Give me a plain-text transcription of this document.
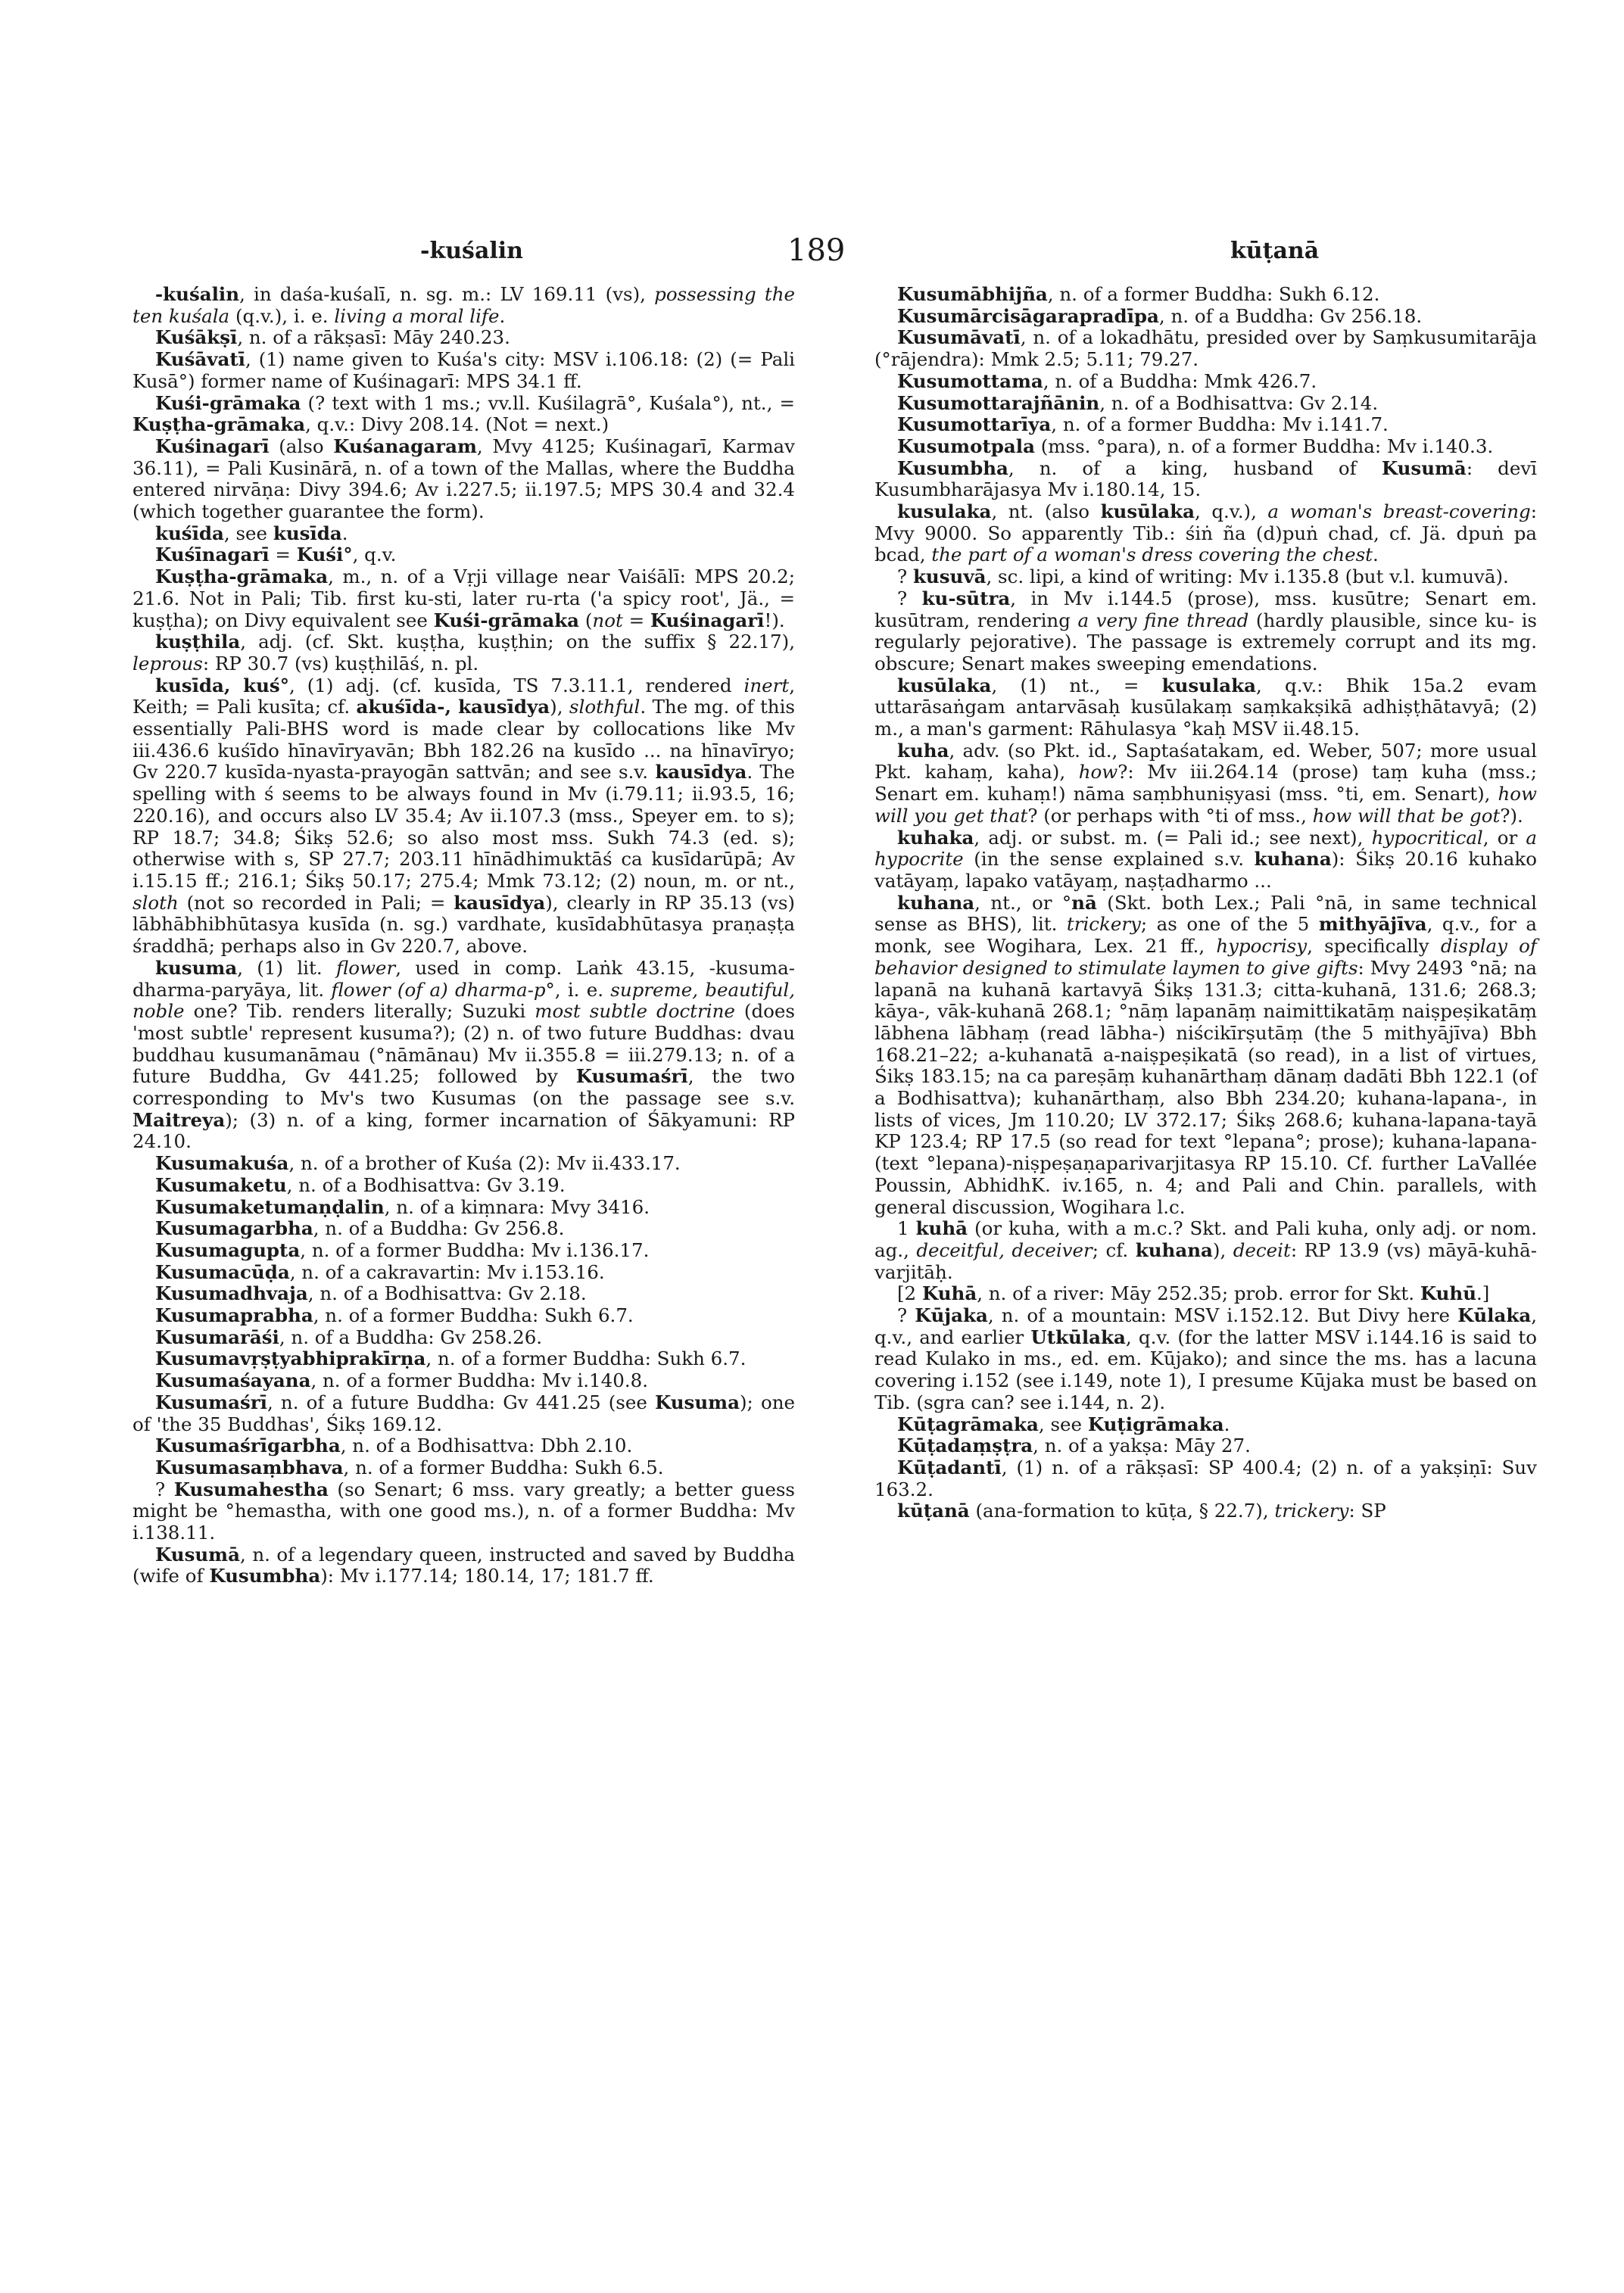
-kuśalin	189	kūṭanā

-kuśalin, in daśa-kuśalī, n. sg. m.: LV 169.11 (vs), possessing the ten kuśala (q.v.), i. e. living a moral life.

Kuśākṣī, n. of a rākṣasī: Māy 240.23.

Kuśāvatī, (1) name given to Kuśa's city: MSV i.106.18: (2) (= Pali Kusā°) former name of Kuśinagarī: MPS 34.1 ff.

Kuśi-grāmaka (? text with 1 ms.; vv.ll. Kuśilagrā°, Kuśala°), nt., = Kuṣṭha-grāmaka, q.v.: Divy 208.14. (Not = next.)

Kuśinagarī (also Kuśanagaram, Mvy 4125; Kuśinagarī, Karmav 36.11), = Pali Kusinārā, n. of a town of the Mallas, where the Buddha entered nirvāṇa: Divy 394.6; Av i.227.5; ii.197.5; MPS 30.4 and 32.4 (which together guarantee the form).

kuśīda, see kusīda.

Kuśīnagarī = Kuśi°, q.v.

Kuṣṭha-grāmaka, m., n. of a Vṛji village near Vaiśālī: MPS 20.2; 21.6. Not in Pali; Tib. first ku-sti, later ru-rta ('a spicy root', Jä., = kuṣṭha); on Divy equivalent see Kuśi-grāmaka (not = Kuśinagarī!).

kuṣṭhila, adj. (cf. Skt. kuṣṭha, kuṣṭhin; on the suffix § 22.17), leprous: RP 30.7 (vs) kuṣṭhilāś, n. pl.

kusīda, kuś°, (1) adj. (cf. kusīda, TS 7.3.11.1, rendered inert, Keith; = Pali kusīta; cf. akuśīda-, kausīdya), slothful. The mg. of this essentially Pali-BHS word is made clear by collocations like Mv iii.436.6 kuśīdo hīnavīryavān; Bbh 182.26 na kusīdo ... na hīnavīryo; Gv 220.7 kusīda-nyasta-prayogān sattvān; and see s.v. kausīdya. The spelling with ś seems to be always found in Mv (i.79.11; ii.93.5, 16; 220.16), and occurs also LV 35.4; Av ii.107.3 (mss., Speyer em. to s); RP 18.7; 34.8; Śikṣ 52.6; so also most mss. Sukh 74.3 (ed. s); otherwise with s, SP 27.7; 203.11 hīnādhimuktāś ca kusīdarūpā; Av i.15.15 ff.; 216.1; Śikṣ 50.17; 275.4; Mmk 73.12; (2) noun, m. or nt., sloth (not so recorded in Pali; = kausīdya), clearly in RP 35.13 (vs) lābhābhibhūtasya kusīda (n. sg.) vardhate, kusīdabhūtasya praṇaṣṭa śraddhā; perhaps also in Gv 220.7, above.

kusuma, (1) lit. flower, used in comp. Laṅk 43.15, -kusuma-dharma-paryāya, lit. flower (of a) dharma-p°, i. e. supreme, beautiful, noble one? Tib. renders literally; Suzuki most subtle doctrine (does 'most subtle' represent kusuma?); (2) n. of two future Buddhas: dvau buddhau kusumanāmau (°nāmānau) Mv ii.355.8 = iii.279.13; n. of a future Buddha, Gv 441.25; followed by Kusumaśrī, the two corresponding to Mv's two Kusumas (on the passage see s.v. Maitreya); (3) n. of a king, former incarnation of Śākyamuni: RP 24.10.

Kusumakuśa, n. of a brother of Kuśa (2): Mv ii.433.17.

Kusumaketu, n. of a Bodhisattva: Gv 3.19.

Kusumaketumaṇḍalin, n. of a kiṃnara: Mvy 3416.

Kusumagarbha, n. of a Buddha: Gv 256.8.

Kusumagupta, n. of a former Buddha: Mv i.136.17.

Kusumacūḍa, n. of a cakravartin: Mv i.153.16.

Kusumadhvaja, n. of a Bodhisattva: Gv 2.18.

Kusumaprabha, n. of a former Buddha: Sukh 6.7.

Kusumarāśi, n. of a Buddha: Gv 258.26.

Kusumavṛṣṭyabhiprakīrṇa, n. of a former Buddha: Sukh 6.7.

Kusumaśayana, n. of a former Buddha: Mv i.140.8.

Kusumaśrī, n. of a future Buddha: Gv 441.25 (see Kusuma); one of 'the 35 Buddhas', Śikṣ 169.12.

Kusumaśrīgarbha, n. of a Bodhisattva: Dbh 2.10.

Kusumasaṃbhava, n. of a former Buddha: Sukh 6.5.

? Kusumahestha (so Senart; 6 mss. vary greatly; a better guess might be °hemastha, with one good ms.), n. of a former Buddha: Mv i.138.11.

Kusumā, n. of a legendary queen, instructed and saved by Buddha (wife of Kusumbha): Mv i.177.14; 180.14, 17; 181.7 ff.

Kusumābhijña, n. of a former Buddha: Sukh 6.12.

Kusumārcisāgarapradīpa, n. of a Buddha: Gv 256.18.

Kusumāvatī, n. of a lokadhātu, presided over by Saṃkusumitarāja (°rājendra): Mmk 2.5; 5.11; 79.27.

Kusumottama, n. of a Buddha: Mmk 426.7.

Kusumottarajñānin, n. of a Bodhisattva: Gv 2.14.

Kusumottarīya, n. of a former Buddha: Mv i.141.7.

Kusumotpala (mss. °para), n. of a former Buddha: Mv i.140.3.

Kusumbha, n. of a king, husband of Kusumā: devī Kusumbharājasya Mv i.180.14, 15.

kusulaka, nt. (also kusūlaka, q.v.), a woman's breast-covering: Mvy 9000. So apparently Tib.: śiṅ ña (d)puṅ chad, cf. Jä. dpuṅ pa bcad, the part of a woman's dress covering the chest.

? kusuvā, sc. lipi, a kind of writing: Mv i.135.8 (but v.l. kumuvā).

? ku-sūtra, in Mv i.144.5 (prose), mss. kusūtre; Senart em. kusūtram, rendering a very fine thread (hardly plausible, since ku- is regularly pejorative). The passage is extremely corrupt and its mg. obscure; Senart makes sweeping emendations.

kusūlaka, (1) nt., = kusulaka, q.v.: Bhik 15a.2 evam uttarāsaṅgam antarvāsaḥ kusūlakaṃ saṃkakṣikā adhiṣṭhātavyā; (2) m., a man's garment: Rāhulasya °kaḥ MSV ii.48.15.

kuha, adv. (so Pkt. id., Saptaśatakam, ed. Weber, 507; more usual Pkt. kahaṃ, kaha), how?: Mv iii.264.14 (prose) taṃ kuha (mss.; Senart em. kuhaṃ!) nāma saṃbhuniṣyasi (mss. °ti, em. Senart), how will you get that? (or perhaps with °ti of mss., how will that be got?).

kuhaka, adj. or subst. m. (= Pali id.; see next), hypocritical, or a hypocrite (in the sense explained s.v. kuhana): Śikṣ 20.16 kuhako vatāyaṃ, lapako vatāyaṃ, naṣṭadharmo ...

kuhana, nt., or °nā (Skt. both Lex.; Pali °nā, in same technical sense as BHS), lit. trickery; as one of the 5 mithyājīva, q.v., for a monk, see Wogihara, Lex. 21 ff., hypocrisy, specifically display of behavior designed to stimulate laymen to give gifts: Mvy 2493 °nā; na lapanā na kuhanā kartavyā Śikṣ 131.3; citta-kuhanā, 131.6; 268.3; kāya-, vāk-kuhanā 268.1; °nāṃ lapanāṃ naimittikatāṃ naiṣpeṣikatāṃ lābhena lābhaṃ (read lābha-) niścikīrṣutāṃ (the 5 mithyājīva) Bbh 168.21–22; a-kuhanatā a-naiṣpeṣikatā (so read), in a list of virtues, Śikṣ 183.15; na ca pareṣāṃ kuhanārthaṃ dānaṃ dadāti Bbh 122.1 (of a Bodhisattva); kuhanārthaṃ, also Bbh 234.20; kuhana-lapana-, in lists of vices, Jm 110.20; LV 372.17; Śikṣ 268.6; kuhana-lapana-tayā KP 123.4; RP 17.5 (so read for text °lepana°; prose); kuhana-lapana- (text °lepana)-niṣpeṣaṇaparivarjitasya RP 15.10. Cf. further LaVallée Poussin, AbhidhK. iv.165, n. 4; and Pali and Chin. parallels, with general discussion, Wogihara l.c.

1 kuhā (or kuha, with a m.c.? Skt. and Pali kuha, only adj. or nom. ag., deceitful, deceiver; cf. kuhana), deceit: RP 13.9 (vs) māyā-kuhā-varjitāḥ.

[2 Kuhā, n. of a river: Māy 252.35; prob. error for Skt. Kuhū.]

? Kūjaka, n. of a mountain: MSV i.152.12. But Divy here Kūlaka, q.v., and earlier Utkūlaka, q.v. (for the latter MSV i.144.16 is said to read Kulako in ms., ed. em. Kūjako); and since the ms. has a lacuna covering i.152 (see i.149, note 1), I presume Kūjaka must be based on Tib. (sgra can? see i.144, n. 2).

Kūṭagrāmaka, see Kuṭigrāmaka.

Kūṭadaṃṣṭra, n. of a yakṣa: Māy 27.

Kūṭadantī, (1) n. of a rākṣasī: SP 400.4; (2) n. of a yakṣiṇī: Suv 163.2.

kūṭanā (ana-formation to kūṭa, § 22.7), trickery: SP
